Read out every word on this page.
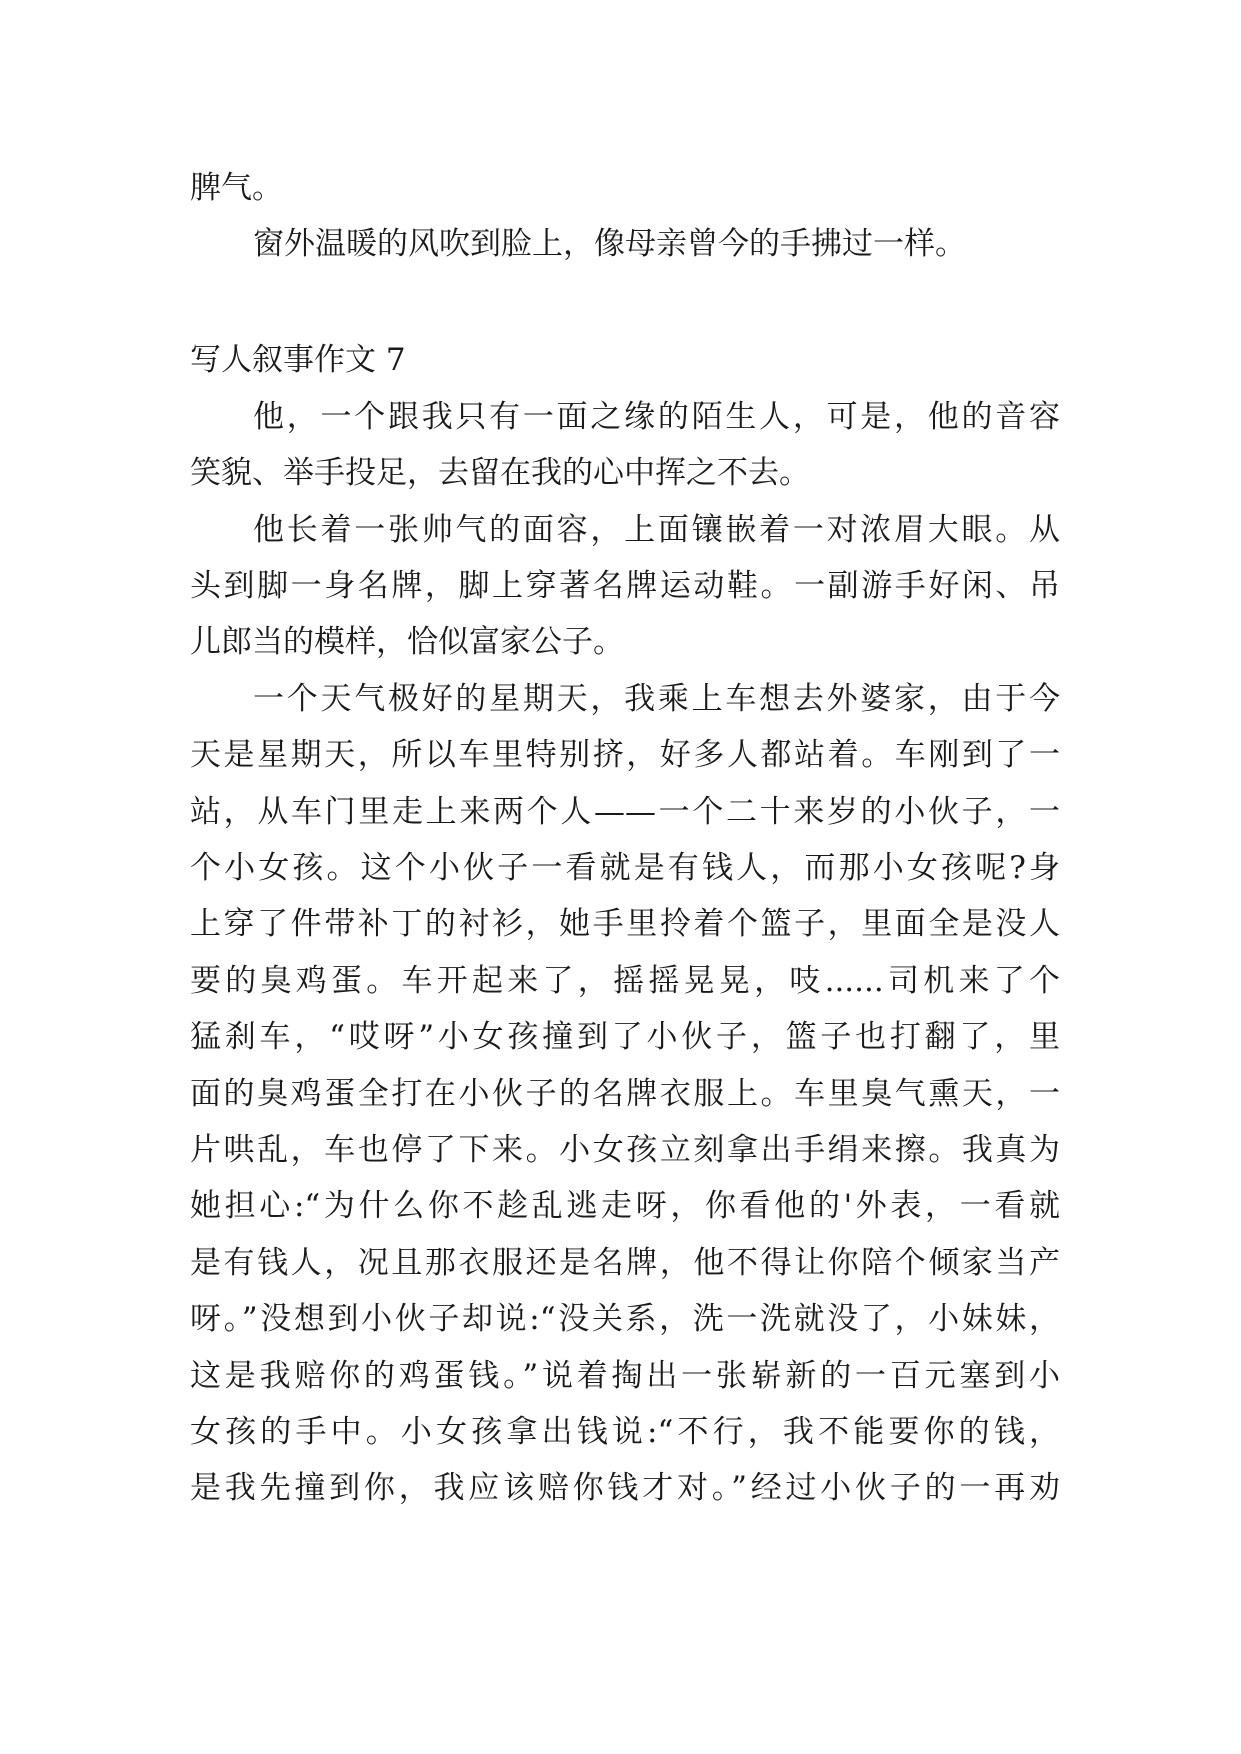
脾气。
窗外温暖的风吹到脸上，像母亲曾今的手拂过一样。
写人叙事作文 7
他，一个跟我只有一面之缘的陌生人，可是，他的音容
笑貌、举手投足，去留在我的心中挥之不去。
他长着一张帅气的面容，上面镶嵌着一对浓眉大眼。从
头到脚一身名牌，脚上穿著名牌运动鞋。一副游手好闲、吊
儿郎当的模样，恰似富家公子。
一个天气极好的星期天，我乘上车想去外婆家，由于今
天是星期天，所以车里特别挤，好多人都站着。车刚到了一
站，从车门里走上来两个人——一个二十来岁的小伙子，一
个小女孩。这个小伙子一看就是有钱人，而那小女孩呢?身
上穿了件带补丁的衬衫，她手里拎着个篮子，里面全是没人
要的臭鸡蛋。车开起来了，摇摇晃晃，吱......司机来了个
猛刹车，“哎呀”小女孩撞到了小伙子，篮子也打翻了，里
面的臭鸡蛋全打在小伙子的名牌衣服上。车里臭气熏天，一
片哄乱，车也停了下来。小女孩立刻拿出手绢来擦。我真为
她担心:“为什么你不趁乱逃走呀，你看他的'外表，一看就
是有钱人，况且那衣服还是名牌，他不得让你陪个倾家当产
呀。”没想到小伙子却说:“没关系，洗一洗就没了，小妹妹，
这是我赔你的鸡蛋钱。”说着掏出一张崭新的一百元塞到小
女孩的手中。小女孩拿出钱说:“不行，我不能要你的钱，
是我先撞到你，我应该赔你钱才对。”经过小伙子的一再劝
